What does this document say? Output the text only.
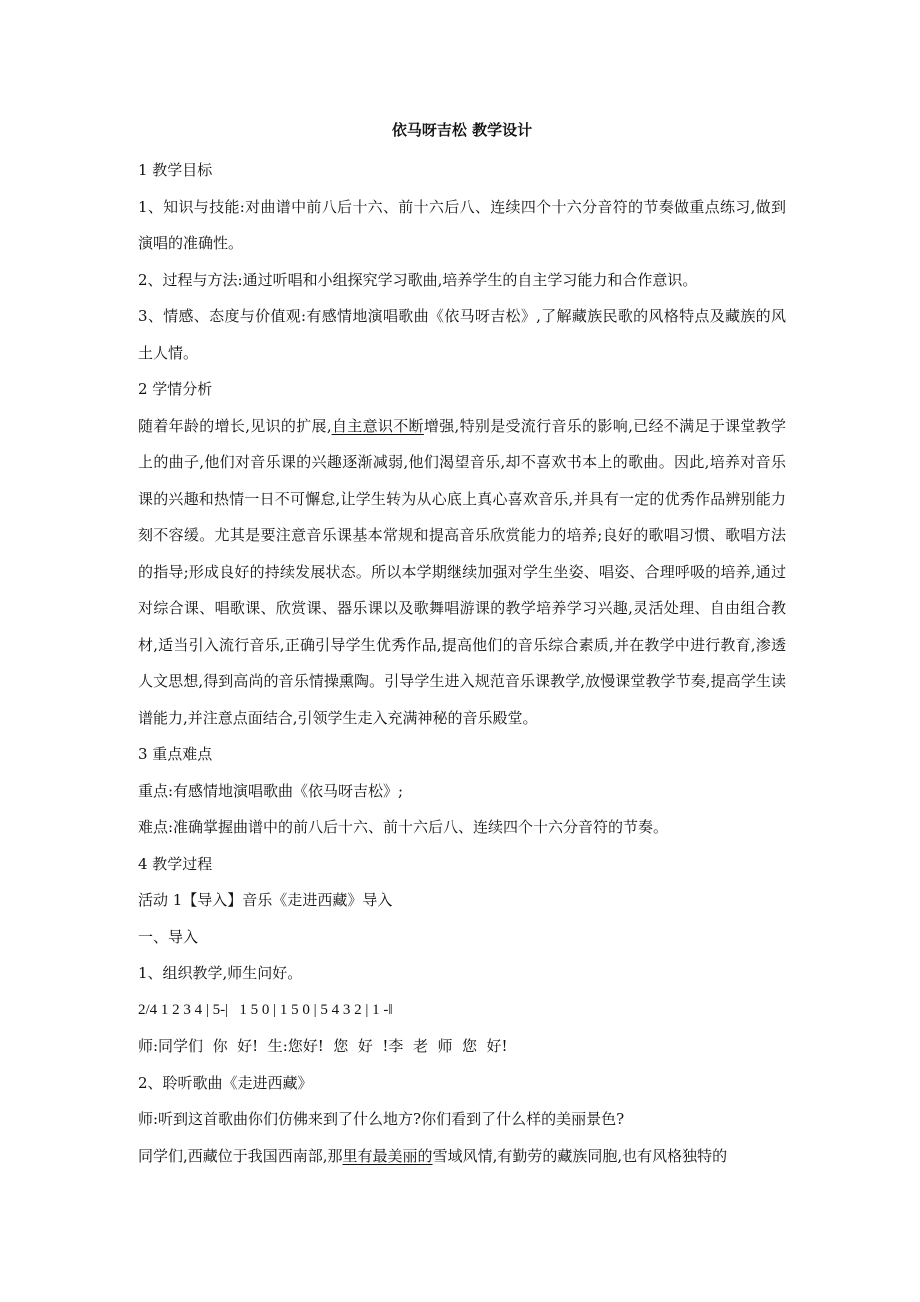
依马呀吉松 教学设计

1 教学目标

1、知识与技能:对曲谱中前八后十六、前十六后八、连续四个十六分音符的节奏做重点练习,做到演唱的准确性。

2、过程与方法:通过听唱和小组探究学习歌曲,培养学生的自主学习能力和合作意识。

3、情感、态度与价值观:有感情地演唱歌曲《依马呀吉松》,了解藏族民歌的风格特点及藏族的风土人情。

2 学情分析

随着年龄的增长,见识的扩展,自主意识不断增强,特别是受流行音乐的影响,已经不满足于课堂教学上的曲子,他们对音乐课的兴趣逐渐减弱,他们渴望音乐,却不喜欢书本上的歌曲。因此,培养对音乐课的兴趣和热情一日不可懈怠,让学生转为从心底上真心喜欢音乐,并具有一定的优秀作品辨别能力刻不容缓。尤其是要注意音乐课基本常规和提高音乐欣赏能力的培养;良好的歌唱习惯、歌唱方法的指导;形成良好的持续发展状态。所以本学期继续加强对学生坐姿、唱姿、合理呼吸的培养,通过对综合课、唱歌课、欣赏课、器乐课以及歌舞唱游课的教学培养学习兴趣,灵活处理、自由组合教材,适当引入流行音乐,正确引导学生优秀作品,提高他们的音乐综合素质,并在教学中进行教育,渗透人文思想,得到高尚的音乐情操熏陶。引导学生进入规范音乐课教学,放慢课堂教学节奏,提高学生读谱能力,并注意点面结合,引领学生走入充满神秘的音乐殿堂。

3 重点难点

重点:有感情地演唱歌曲《依马呀吉松》;

难点:准确掌握曲谱中的前八后十六、前十六后八、连续四个十六分音符的节奏。

4 教学过程

活动 1【导入】音乐《走进西藏》导入

一、导入

1、组织教学,师生问好。

2/4 1 2 3 4 | 5-|   1 5 0 | 1 5 0 | 5 4 3 2 | 1 -‖

师:同学们  你  好!  生:您好!  您  好  !李  老  师  您  好!

2、聆听歌曲《走进西藏》

师:听到这首歌曲你们仿佛来到了什么地方?你们看到了什么样的美丽景色?

同学们,西藏位于我国西南部,那里有最美丽的雪域风情,有勤劳的藏族同胞,也有风格独特的
